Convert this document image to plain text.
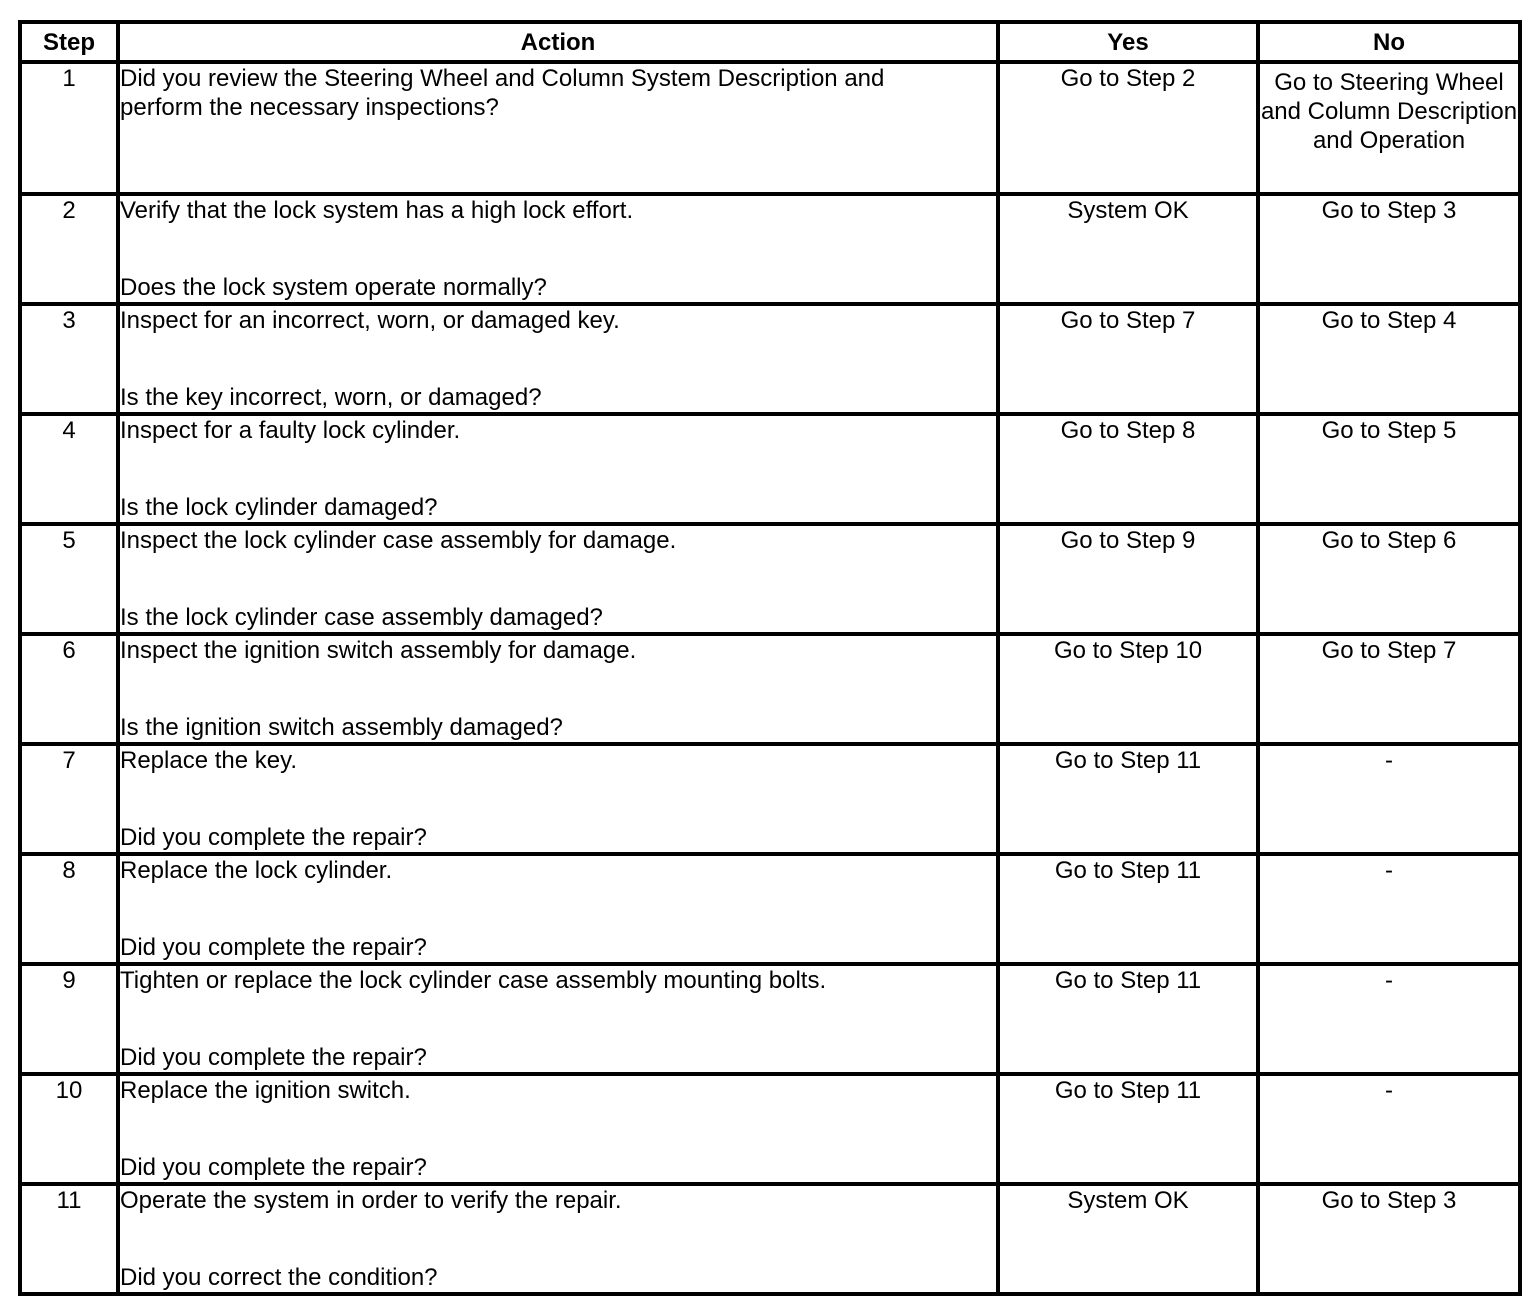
Step	Action	Yes	No
1	Did you review the Steering Wheel and Column System Description and
perform the necessary inspections?	Go to Step 2	Go to Steering Wheel and Column Description and Operation
2	Verify that the lock system has a high lock effort.
Does the lock system operate normally?	System OK	Go to Step 3
3	Inspect for an incorrect, worn, or damaged key.
Is the key incorrect, worn, or damaged?	Go to Step 7	Go to Step 4
4	Inspect for a faulty lock cylinder.
Is the lock cylinder damaged?	Go to Step 8	Go to Step 5
5	Inspect the lock cylinder case assembly for damage.
Is the lock cylinder case assembly damaged?	Go to Step 9	Go to Step 6
6	Inspect the ignition switch assembly for damage.
Is the ignition switch assembly damaged?	Go to Step 10	Go to Step 7
7	Replace the key.
Did you complete the repair?	Go to Step 11	-
8	Replace the lock cylinder.
Did you complete the repair?	Go to Step 11	-
9	Tighten or replace the lock cylinder case assembly mounting bolts.
Did you complete the repair?	Go to Step 11	-
10	Replace the ignition switch.
Did you complete the repair?	Go to Step 11	-
11	Operate the system in order to verify the repair.
Did you correct the condition?	System OK	Go to Step 3
